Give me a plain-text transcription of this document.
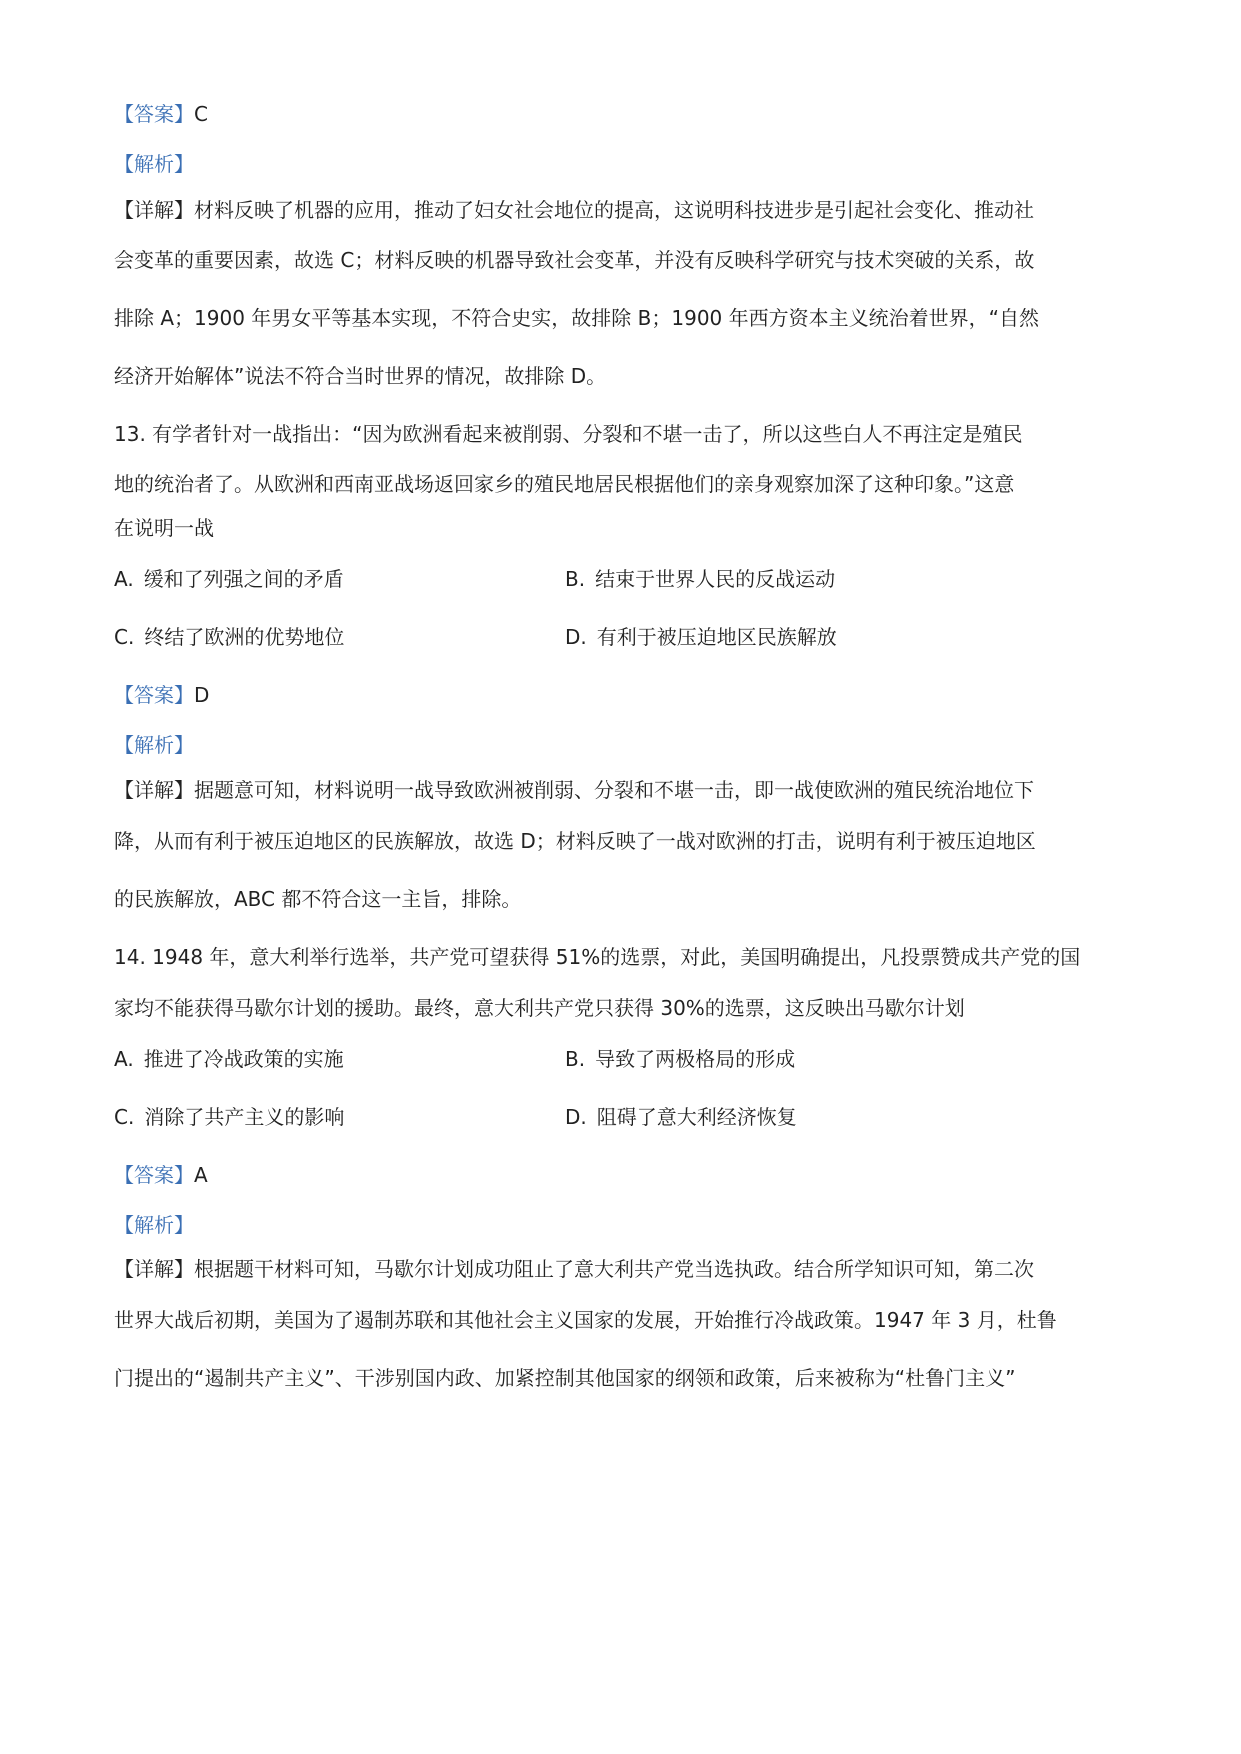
【答案】C
【解析】
【详解】材料反映了机器的应用，推动了妇女社会地位的提高，这说明科技进步是引起社会变化、推动社
会变革的重要因素，故选 C；材料反映的机器导致社会变革，并没有反映科学研究与技术突破的关系，故
排除 A；1900 年男女平等基本实现，不符合史实，故排除 B；1900 年西方资本主义统治着世界，“自然
经济开始解体”说法不符合当时世界的情况，故排除 D。
13. 有学者针对一战指出：“因为欧洲看起来被削弱、分裂和不堪一击了，所以这些白人不再注定是殖民
地的统治者了。从欧洲和西南亚战场返回家乡的殖民地居民根据他们的亲身观察加深了这种印象。”这意
在说明一战
A. 缓和了列强之间的矛盾	B. 结束于世界人民的反战运动
C. 终结了欧洲的优势地位	D. 有利于被压迫地区民族解放
【答案】D
【解析】
【详解】据题意可知，材料说明一战导致欧洲被削弱、分裂和不堪一击，即一战使欧洲的殖民统治地位下
降，从而有利于被压迫地区的民族解放，故选 D；材料反映了一战对欧洲的打击，说明有利于被压迫地区
的民族解放，ABC 都不符合这一主旨，排除。
14. 1948 年，意大利举行选举，共产党可望获得 51%的选票，对此，美国明确提出，凡投票赞成共产党的国
家均不能获得马歇尔计划的援助。最终，意大利共产党只获得 30%的选票，这反映出马歇尔计划
A. 推进了冷战政策的实施	B. 导致了两极格局的形成
C. 消除了共产主义的影响	D. 阻碍了意大利经济恢复
【答案】A
【解析】
【详解】根据题干材料可知，马歇尔计划成功阻止了意大利共产党当选执政。结合所学知识可知，第二次
世界大战后初期，美国为了遏制苏联和其他社会主义国家的发展，开始推行冷战政策。1947 年 3 月，杜鲁
门提出的“遏制共产主义”、干涉别国内政、加紧控制其他国家的纲领和政策，后来被称为“杜鲁门主义”
